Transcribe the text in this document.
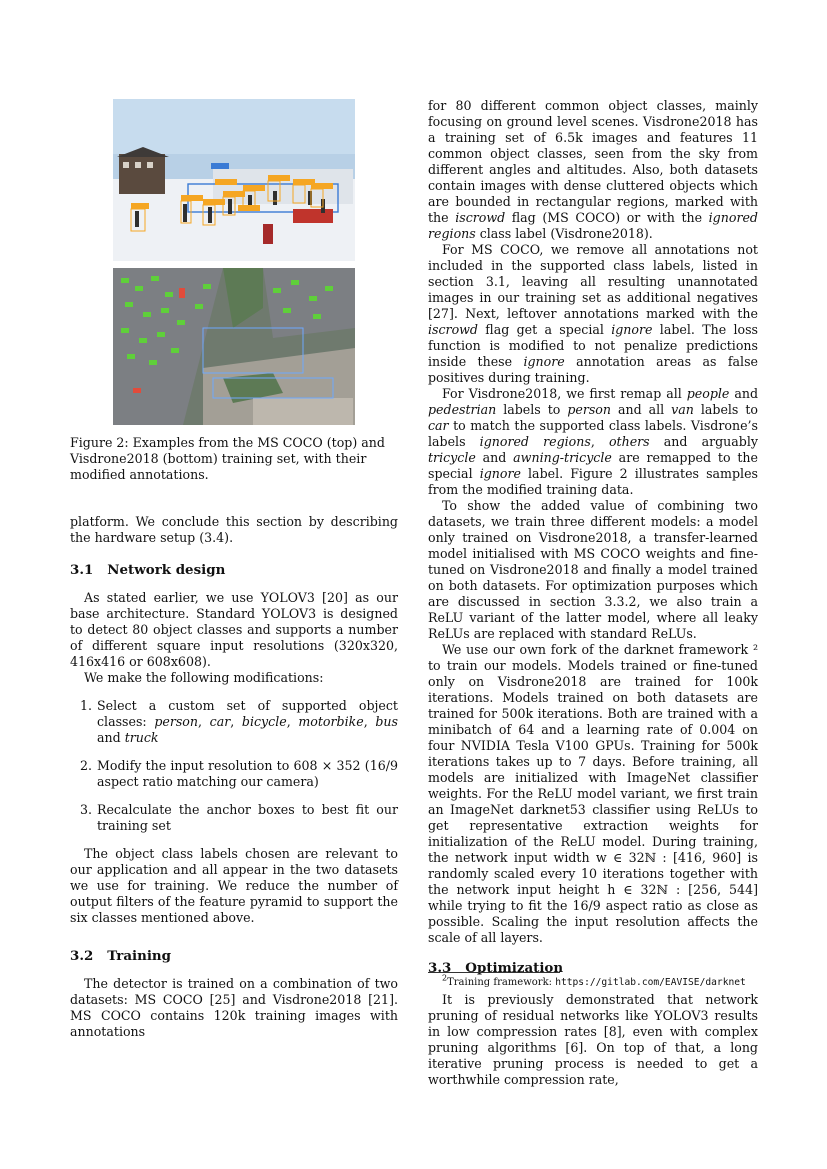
Figure 2: Examples from the MS COCO (top) and Visdrone2018 (bottom) training set, with their modified annotations.

platform. We conclude this section by describing the hardware setup (3.4).

3.1 Network design

As stated earlier, we use YOLOV3 [20] as our base architecture. Standard YOLOV3 is designed to detect 80 object classes and supports a number of different square input resolutions (320x320, 416x416 or 608x608).

We make the following modifications:

1. Select a custom set of supported object classes: person, car, bicycle, motorbike, bus and truck
2. Modify the input resolution to 608 × 352 (16/9 aspect ratio matching our camera)
3. Recalculate the anchor boxes to best fit our training set

The object class labels chosen are relevant to our application and all appear in the two datasets we use for training. We reduce the number of output filters of the feature pyramid to support the six classes mentioned above.

3.2 Training

The detector is trained on a combination of two datasets: MS COCO [25] and Visdrone2018 [21]. MS COCO contains 120k training images with annotations

for 80 different common object classes, mainly focusing on ground level scenes. Visdrone2018 has a training set of 6.5k images and features 11 common object classes, seen from the sky from different angles and altitudes. Also, both datasets contain images with dense cluttered objects which are bounded in rectangular regions, marked with the iscrowd flag (MS COCO) or with the ignored regions class label (Visdrone2018).

For MS COCO, we remove all annotations not included in the supported class labels, listed in section 3.1, leaving all resulting unannotated images in our training set as additional negatives [27]. Next, leftover annotations marked with the iscrowd flag get a special ignore label. The loss function is modified to not penalize predictions inside these ignore annotation areas as false positives during training.

For Visdrone2018, we first remap all people and pedestrian labels to person and all van labels to car to match the supported class labels. Visdrone’s labels ignored regions, others and arguably tricycle and awning-tricycle are remapped to the special ignore label. Figure 2 illustrates samples from the modified training data.

To show the added value of combining two datasets, we train three different models: a model only trained on Visdrone2018, a transfer-learned model initialised with MS COCO weights and fine-tuned on Visdrone2018 and finally a model trained on both datasets. For optimization purposes which are discussed in section 3.3.2, we also train a ReLU variant of the latter model, where all leaky ReLUs are replaced with standard ReLUs.

We use our own fork of the darknet framework ² to train our models. Models trained or fine-tuned only on Visdrone2018 are trained for 100k iterations. Models trained on both datasets are trained for 500k iterations. Both are trained with a minibatch of 64 and a learning rate of 0.004 on four NVIDIA Tesla V100 GPUs. Training for 500k iterations takes up to 7 days. Before training, all models are initialized with ImageNet classifier weights. For the ReLU model variant, we first train an ImageNet darknet53 classifier using ReLUs to get representative extraction weights for initialization of the ReLU model. During training, the network input width w ∈ 32ℕ : [416, 960] is randomly scaled every 10 iterations together with the network input height h ∈ 32ℕ : [256, 544] while trying to fit the 16/9 aspect ratio as close as possible. Scaling the input resolution affects the scale of all layers.

3.3 Optimization

It is previously demonstrated that network pruning of residual networks like YOLOV3 results in low compression rates [8], even with complex pruning algorithms [6]. On top of that, a long iterative pruning process is needed to get a worthwhile compression rate,

$^2$Training framework: https://gitlab.com/EAVISE/darknet
